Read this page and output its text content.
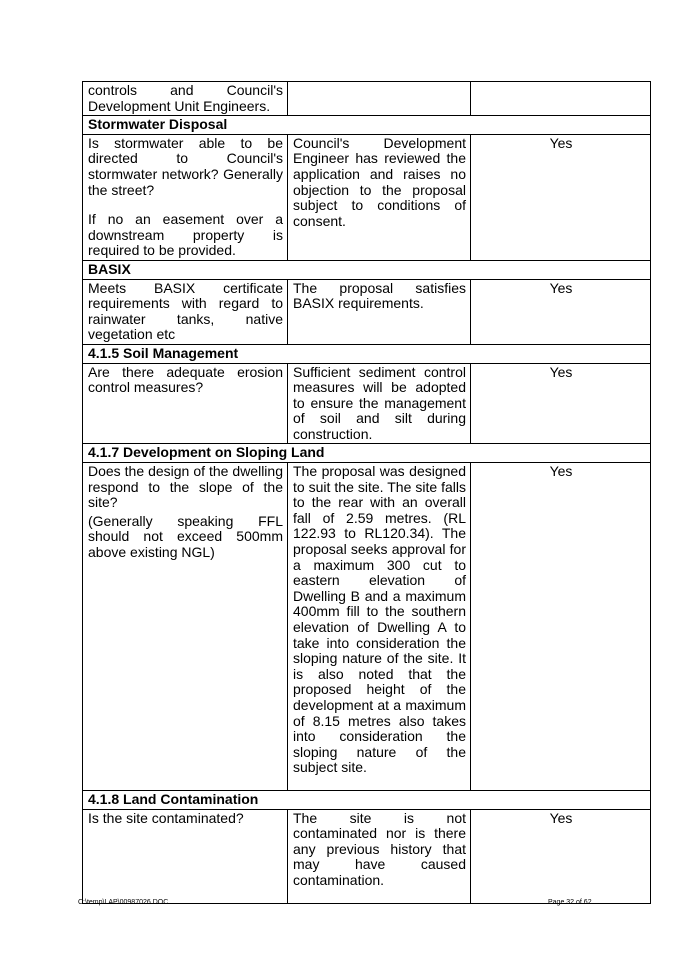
controls and Council's Development Unit Engineers.		
Stormwater Disposal		

Is stormwater able to be directed to Council's stormwater network? Generally the street?
If no an easement over a downstream property is required to be provided.	Council's Development Engineer has reviewed the application and raises no objection to the proposal subject to conditions of consent.	Yes
BASIX		
Meets BASIX certificate requirements with regard to rainwater tanks, native vegetation etc	The proposal satisfies BASIX requirements.	Yes
4.1.5 Soil Management		
Are there adequate erosion control measures?	Sufficient sediment control measures will be adopted to ensure the management of soil and silt during construction.	Yes
4.1.7 Development on Sloping Land		

Does the design of the dwelling respond to the slope of the site?
(Generally speaking FFL should not exceed 500mm above existing NGL)	The proposal was designed to suit the site. The site falls to the rear with an overall fall of 2.59 metres. (RL 122.93 to RL120.34). The proposal seeks approval for a maximum 300 cut to eastern elevation of Dwelling B and a maximum 400mm fill to the southern elevation of Dwelling A to take into consideration the sloping nature of the site. It is also noted that the proposed height of the development at a maximum of 8.15 metres also takes into consideration the sloping nature of the subject site.	Yes
4.1.8 Land Contamination		
Is the site contaminated?	The site is not contaminated nor is there any previous history that may have caused contamination.	Yes
C:\temp\LAP\00987026.DOC	Page 32 of 62
